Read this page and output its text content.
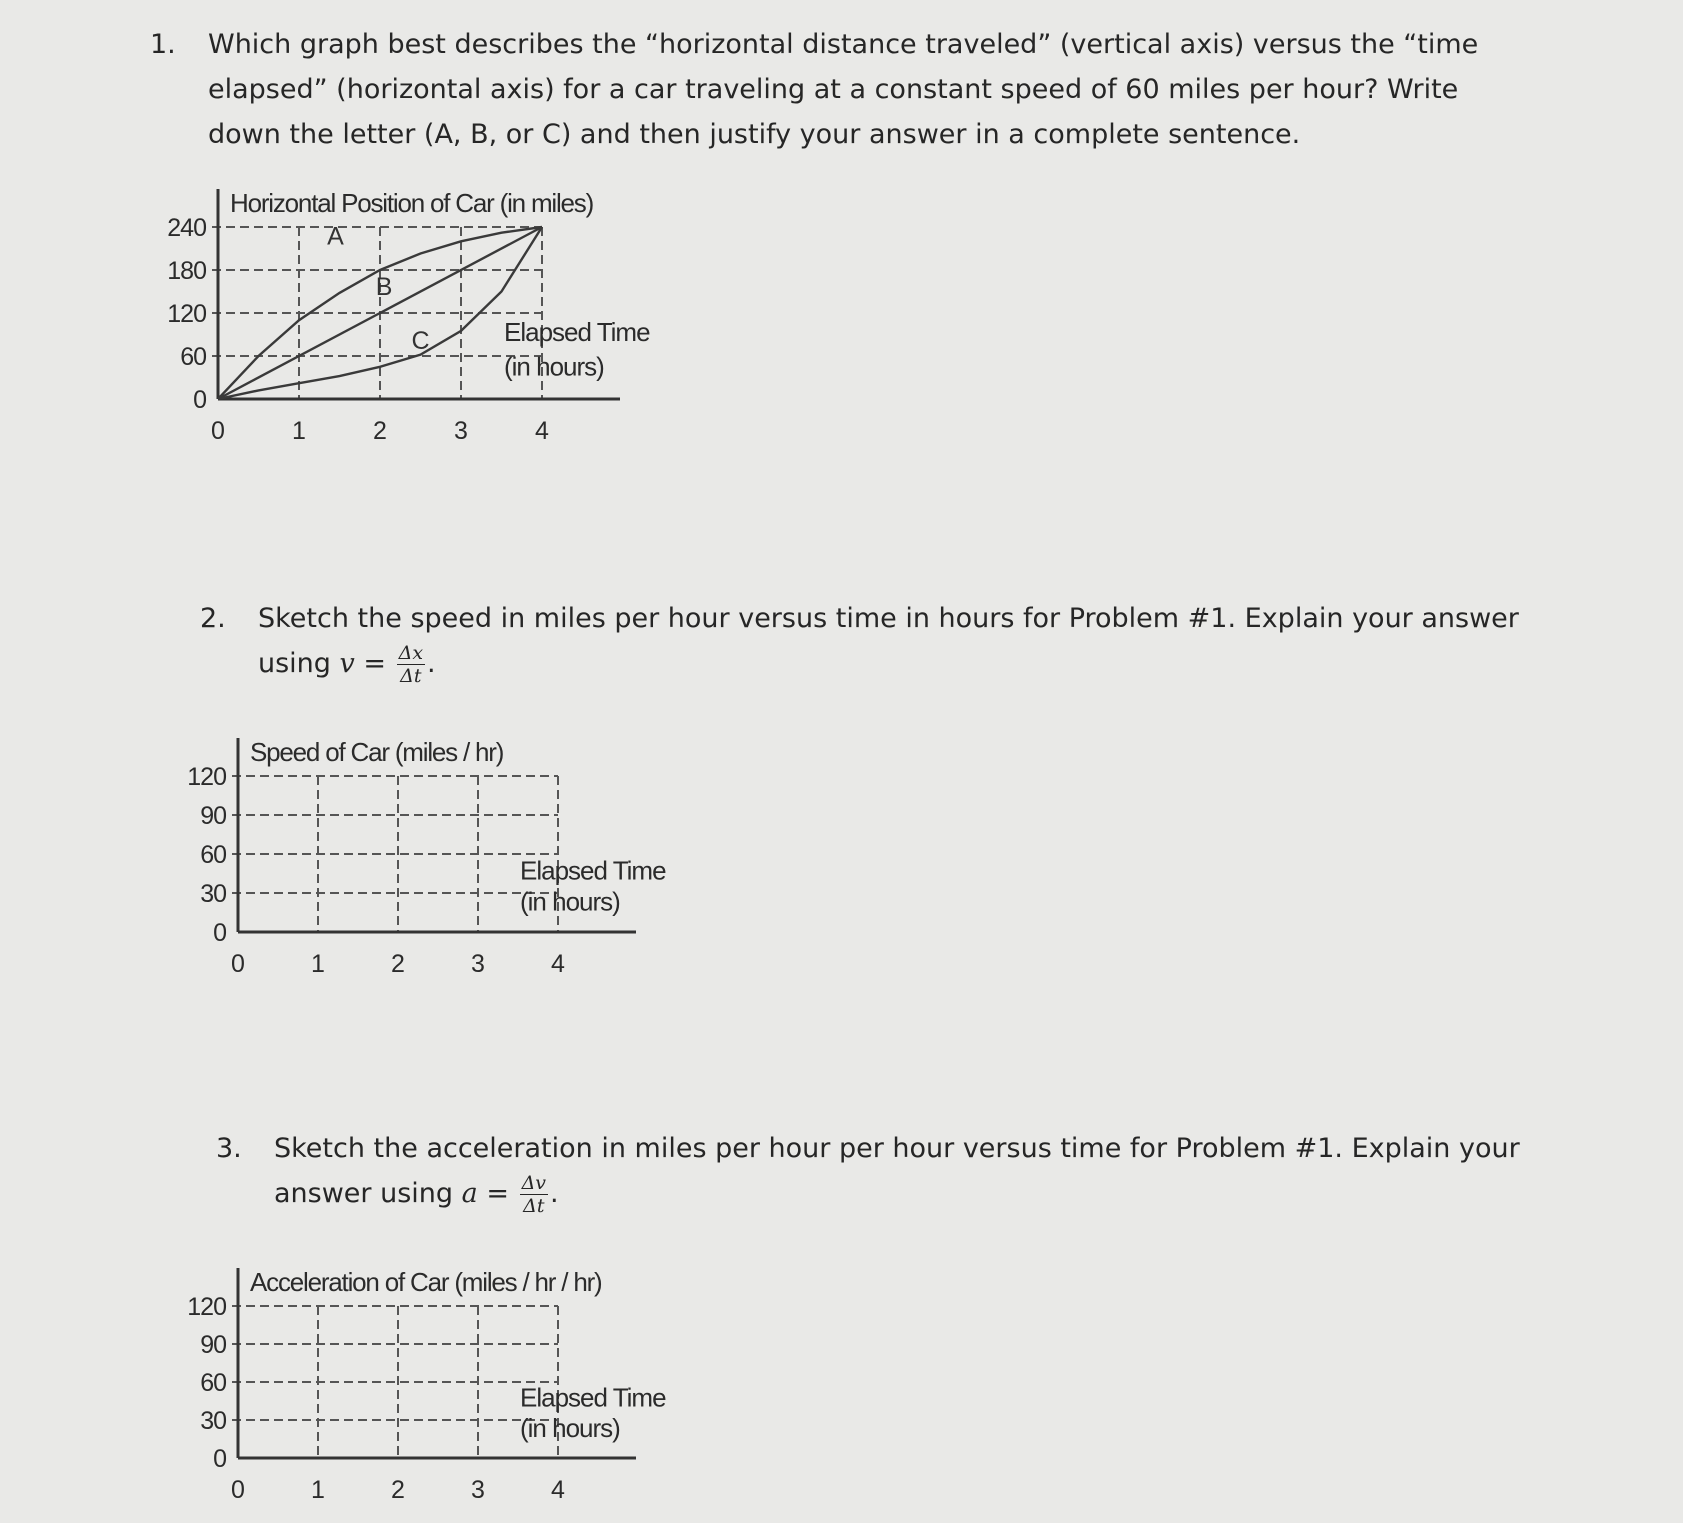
1. Which graph best describes the “horizontal distance traveled” (vertical axis) versus the “time
elapsed” (horizontal axis) for a car traveling at a constant speed of 60 miles per hour? Write
down the letter (A, B, or C) and then justify your answer in a complete sentence.
240
180
120
60
0
0	1	2	3	4
Horizontal Position of Car (in miles)
Elapsed Time
(in hours)
A
B
C
2. Sketch the speed in miles per hour versus time in hours for Problem #1. Explain your answer
using $v = \frac{\Delta x}{\Delta t}$ .
120
90
60
30
0
0	1	2	3	4
Speed of Car (miles / hr)
Elapsed Time
(in hours)
3. Sketch the acceleration in miles per hour per hour versus time for Problem #1. Explain your
answer using $a = \frac{\Delta v}{\Delta t}$ .
120
90
60
30
0
0	1	2	3	4
Acceleration of Car (miles / hr / hr)
Elapsed Time
(in hours)
